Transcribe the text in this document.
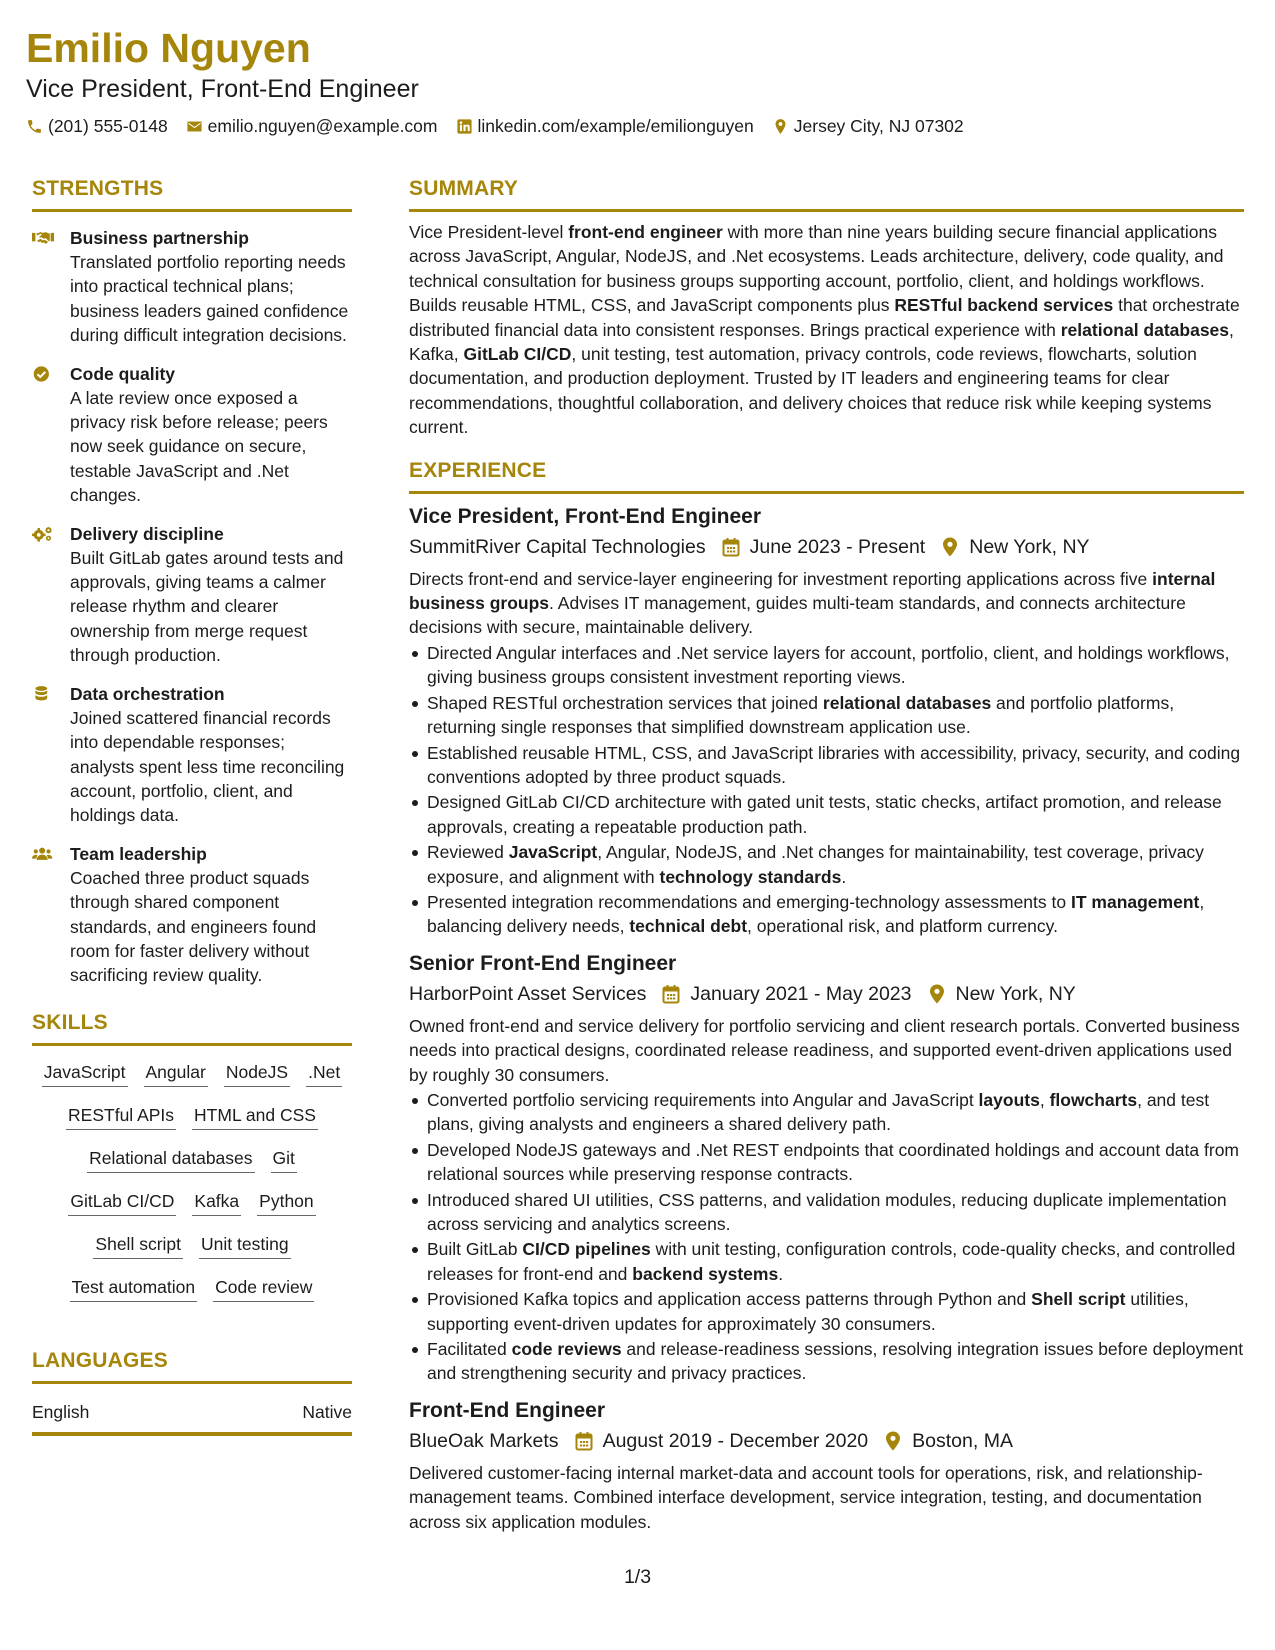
Emilio Nguyen
Vice President, Front-End Engineer
(201) 555-0148 emilio.nguyen@example.com linkedin.com/example/emilionguyen Jersey City, NJ 07302
STRENGTHS
Business partnership
Translated portfolio reporting needs into practical technical plans; business leaders gained confidence during difficult integration decisions.
Code quality
A late review once exposed a privacy risk before release; peers now seek guidance on secure, testable JavaScript and .Net changes.
Delivery discipline
Built GitLab gates around tests and approvals, giving teams a calmer release rhythm and clearer ownership from merge request through production.
Data orchestration
Joined scattered financial records into dependable responses; analysts spent less time reconciling account, portfolio, client, and holdings data.
Team leadership
Coached three product squads through shared component standards, and engineers found room for faster delivery without sacrificing review quality.
SKILLS
JavaScript Angular NodeJS .Net
RESTful APIs HTML and CSS
Relational databases Git
GitLab CI/CD Kafka Python
Shell script Unit testing
Test automation Code review
LANGUAGES
English	Native
SUMMARY
Vice President-level front-end engineer with more than nine years building secure financial applications across JavaScript, Angular, NodeJS, and .Net ecosystems. Leads architecture, delivery, code quality, and technical consultation for business groups supporting account, portfolio, client, and holdings workflows. Builds reusable HTML, CSS, and JavaScript components plus RESTful backend services that orchestrate distributed financial data into consistent responses. Brings practical experience with relational databases, Kafka, GitLab CI/CD, unit testing, test automation, privacy controls, code reviews, flowcharts, solution documentation, and production deployment. Trusted by IT leaders and engineering teams for clear recommendations, thoughtful collaboration, and delivery choices that reduce risk while keeping systems current.
EXPERIENCE
Vice President, Front-End Engineer
SummitRiver Capital Technologies June 2023 - Present New York, NY
Directs front-end and service-layer engineering for investment reporting applications across five internal business groups. Advises IT management, guides multi-team standards, and connects architecture decisions with secure, maintainable delivery.
Directed Angular interfaces and .Net service layers for account, portfolio, client, and holdings workflows, giving business groups consistent investment reporting views.
Shaped RESTful orchestration services that joined relational databases and portfolio platforms, returning single responses that simplified downstream application use.
Established reusable HTML, CSS, and JavaScript libraries with accessibility, privacy, security, and coding conventions adopted by three product squads.
Designed GitLab CI/CD architecture with gated unit tests, static checks, artifact promotion, and release approvals, creating a repeatable production path.
Reviewed JavaScript, Angular, NodeJS, and .Net changes for maintainability, test coverage, privacy exposure, and alignment with technology standards.
Presented integration recommendations and emerging-technology assessments to IT management, balancing delivery needs, technical debt, operational risk, and platform currency.
Senior Front-End Engineer
HarborPoint Asset Services January 2021 - May 2023 New York, NY
Owned front-end and service delivery for portfolio servicing and client research portals. Converted business needs into practical designs, coordinated release readiness, and supported event-driven applications used by roughly 30 consumers.
Converted portfolio servicing requirements into Angular and JavaScript layouts, flowcharts, and test plans, giving analysts and engineers a shared delivery path.
Developed NodeJS gateways and .Net REST endpoints that coordinated holdings and account data from relational sources while preserving response contracts.
Introduced shared UI utilities, CSS patterns, and validation modules, reducing duplicate implementation across servicing and analytics screens.
Built GitLab CI/CD pipelines with unit testing, configuration controls, code-quality checks, and controlled releases for front-end and backend systems.
Provisioned Kafka topics and application access patterns through Python and Shell script utilities, supporting event-driven updates for approximately 30 consumers.
Facilitated code reviews and release-readiness sessions, resolving integration issues before deployment and strengthening security and privacy practices.
Front-End Engineer
BlueOak Markets August 2019 - December 2020 Boston, MA
Delivered customer-facing internal market-data and account tools for operations, risk, and relationship-management teams. Combined interface development, service integration, testing, and documentation across six application modules.
1/3
